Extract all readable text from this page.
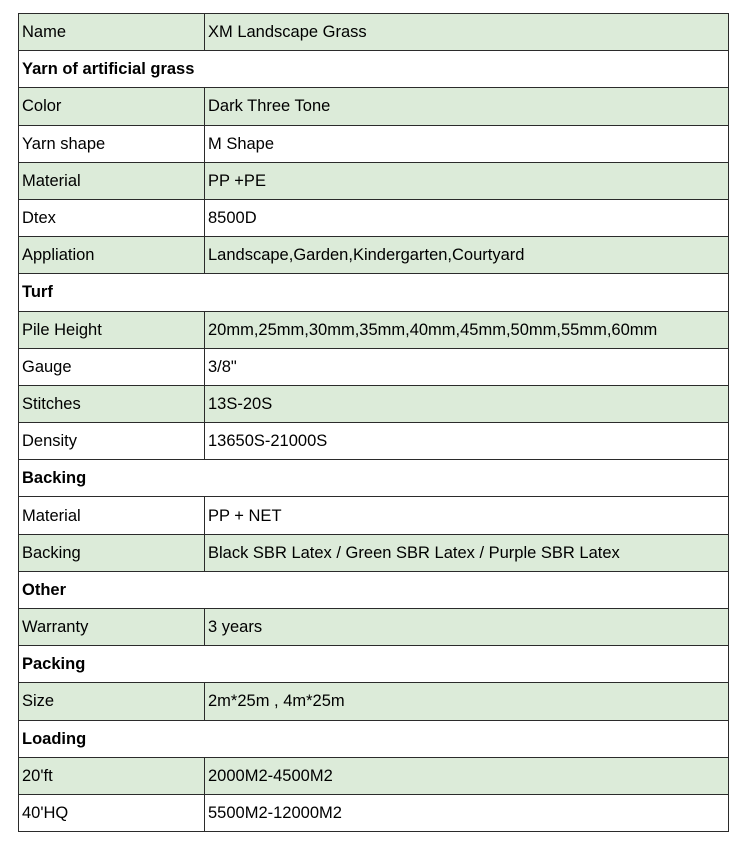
Name	XM Landscape Grass
Yarn of artificial grass	
Color	Dark Three Tone
Yarn shape	M Shape
Material	PP +PE
Dtex	8500D
Appliation	Landscape,Garden,Kindergarten,Courtyard
Turf	
Pile Height	20mm,25mm,30mm,35mm,40mm,45mm,50mm,55mm,60mm
Gauge	3/8"
Stitches	13S-20S
Density	13650S-21000S
Backing	
Material	PP + NET
Backing	Black SBR Latex / Green SBR Latex / Purple SBR Latex
Other	
Warranty	3 years
Packing	
Size	2m*25m , 4m*25m
Loading	
20'ft	2000M2-4500M2
40'HQ	5500M2-12000M2
